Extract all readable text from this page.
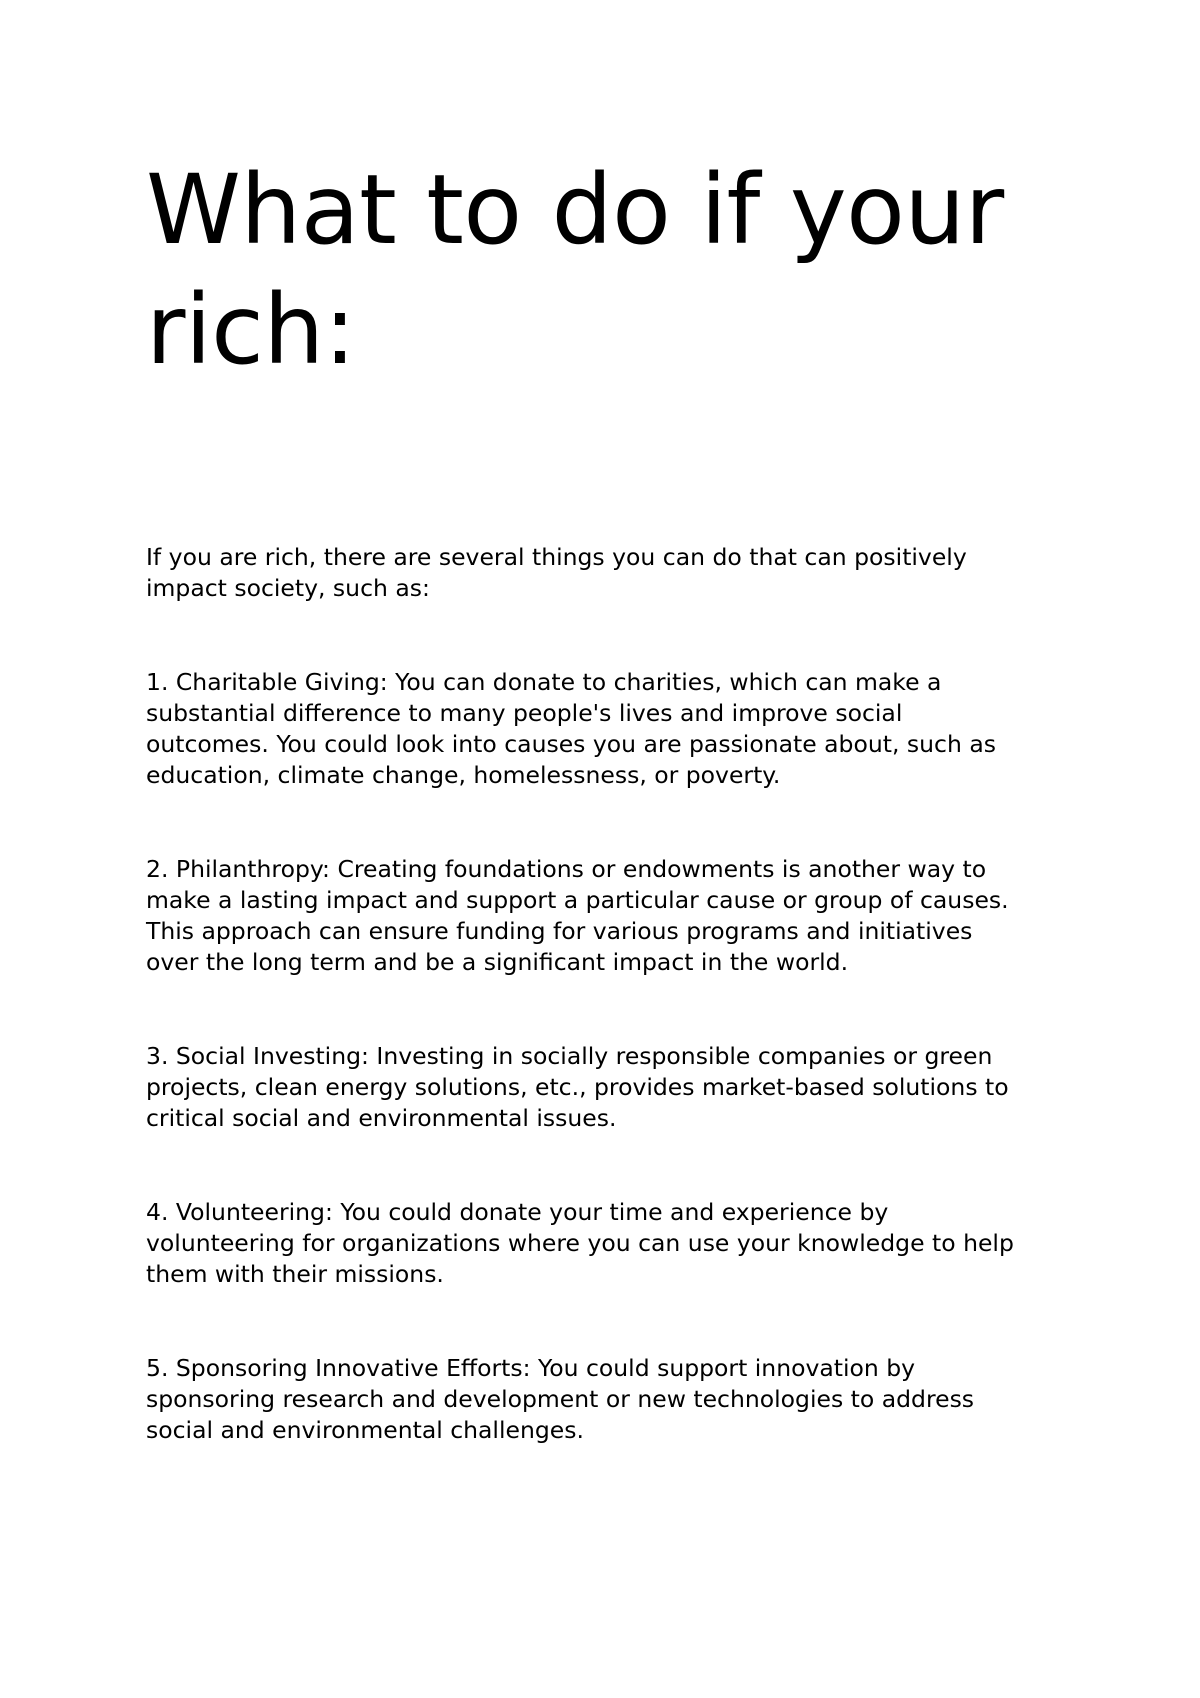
What to do if your
rich:

If you are rich, there are several things you can do that can positively
impact society, such as:

1. Charitable Giving: You can donate to charities, which can make a
substantial difference to many people's lives and improve social
outcomes. You could look into causes you are passionate about, such as
education, climate change, homelessness, or poverty.

2. Philanthropy: Creating foundations or endowments is another way to
make a lasting impact and support a particular cause or group of causes.
This approach can ensure funding for various programs and initiatives
over the long term and be a significant impact in the world.

3. Social Investing: Investing in socially responsible companies or green
projects, clean energy solutions, etc., provides market-based solutions to
critical social and environmental issues.

4. Volunteering: You could donate your time and experience by
volunteering for organizations where you can use your knowledge to help
them with their missions.

5. Sponsoring Innovative Efforts: You could support innovation by
sponsoring research and development or new technologies to address
social and environmental challenges.
